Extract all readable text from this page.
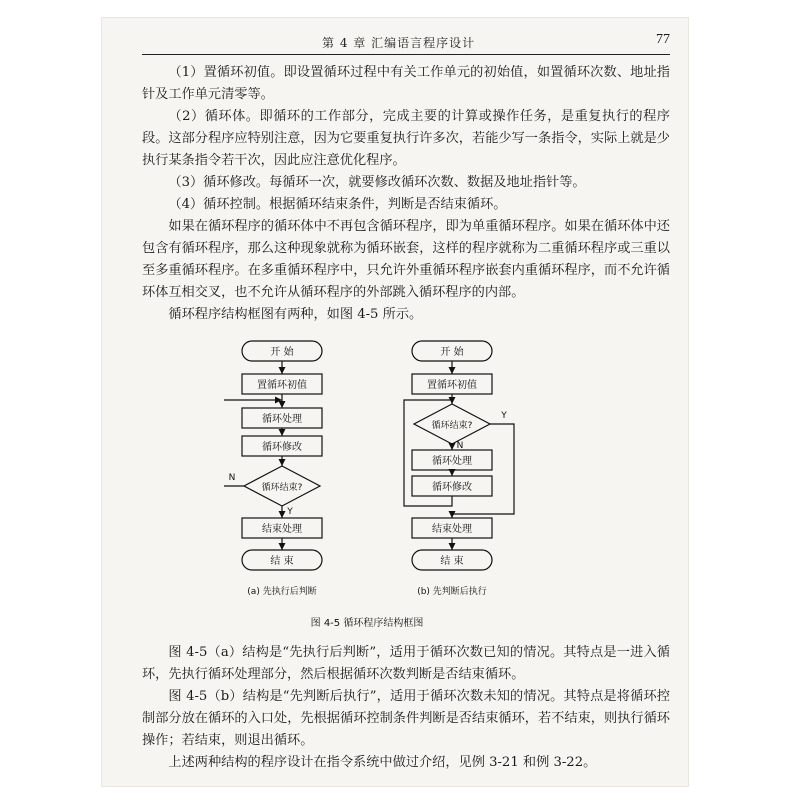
第 4 章 汇编语言程序设计	77

（1）置循环初值。即设置循环过程中有关工作单元的初始值，如置循环次数、地址指针及工作单元清零等。

（2）循环体。即循环的工作部分，完成主要的计算或操作任务，是重复执行的程序段。这部分程序应特别注意，因为它要重复执行许多次，若能少写一条指令，实际上就是少执行某条指令若干次，因此应注意优化程序。

（3）循环修改。每循环一次，就要修改循环次数、数据及地址指针等。

（4）循环控制。根据循环结束条件，判断是否结束循环。

如果在循环程序的循环体中不再包含循环程序，即为单重循环程序。如果在循环体中还包含有循环程序，那么这种现象就称为循环嵌套，这样的程序就称为二重循环程序或三重以至多重循环程序。在多重循环程序中，只允许外重循环程序嵌套内重循环程序，而不允许循环体互相交叉，也不允许从循环程序的外部跳入循环程序的内部。

循环程序结构框图有两种，如图 4-5 所示。

开 始
置循环初值
循环处理
循环修改
循环结束?
N
Y
结束处理
结 束
(a) 先执行后判断
开 始
置循环初值
循环结束?
N
Y
循环处理
循环修改
结束处理
结 束
(b) 先判断后执行
图 4-5 循环程序结构框图

图 4-5（a）结构是“先执行后判断”，适用于循环次数已知的情况。其特点是一进入循环，先执行循环处理部分，然后根据循环次数判断是否结束循环。

图 4-5（b）结构是“先判断后执行”，适用于循环次数未知的情况。其特点是将循环控制部分放在循环的入口处，先根据循环控制条件判断是否结束循环，若不结束，则执行循环操作；若结束，则退出循环。

上述两种结构的程序设计在指令系统中做过介绍，见例 3-21 和例 3-22。
